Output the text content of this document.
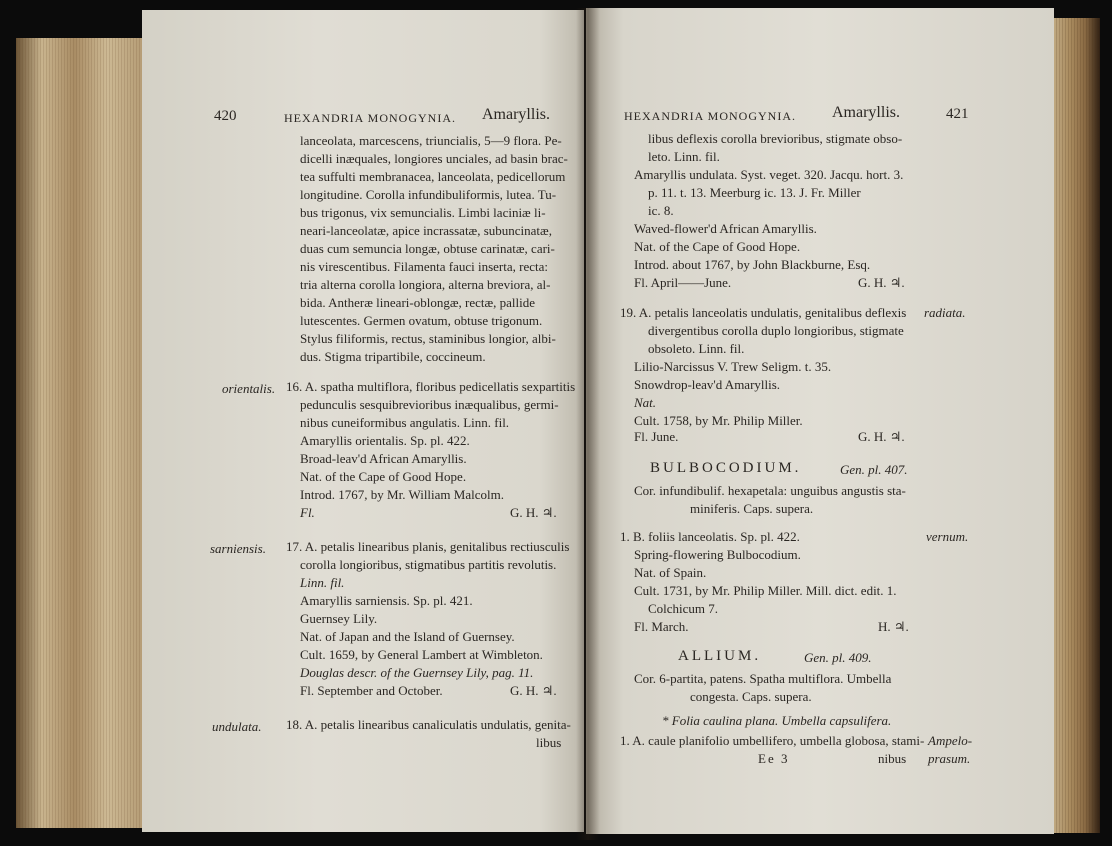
420	HEXANDRIA MONOGYNIA. Amaryllis.
lanceolata, marcescens, triuncialis, 5—9 flora. Pe-
dicelli inæquales, longiores unciales, ad basin brac-
tea suffulti membranacea, lanceolata, pedicellorum
longitudine. Corolla infundibuliformis, lutea. Tu-
bus trigonus, vix semuncialis. Limbi laciniæ li-
neari-lanceolatæ, apice incrassatæ, subuncinatæ,
duas cum semuncia longæ, obtuse carinatæ, cari-
nis virescentibus. Filamenta fauci inserta, recta:
tria alterna corolla longiora, alterna breviora, al-
bida. Antheræ lineari-oblongæ, rectæ, pallide
lutescentes. Germen ovatum, obtuse trigonum.
Stylus filiformis, rectus, staminibus longior, albi-
dus. Stigma tripartibile, coccineum.
orientalis. 16. A. spatha multiflora, floribus pedicellatis sexpartitis
pedunculis sesquibrevioribus inæqualibus, germi-
nibus cuneiformibus angulatis. Linn. fil.
Amaryllis orientalis. Sp. pl. 422.
Broad-leav'd African Amaryllis.
Nat. of the Cape of Good Hope.
Introd. 1767, by Mr. William Malcolm.
Fl.	G. H. ♃.
sarniensis. 17. A. petalis linearibus planis, genitalibus rectiusculis
corolla longioribus, stigmatibus partitis revolutis.
Linn. fil.
Amaryllis sarniensis. Sp. pl. 421.
Guernsey Lily.
Nat. of Japan and the Island of Guernsey.
Cult. 1659, by General Lambert at Wimbleton.
Douglas descr. of the Guernsey Lily, pag. 11.
Fl. September and October.	G. H. ♃.
undulata. 18. A. petalis linearibus canaliculatis undulatis, genita-
libus
HEXANDRIA MONOGYNIA. Amaryllis.	421
libus deflexis corolla brevioribus, stigmate obso-
leto. Linn. fil.
Amaryllis undulata. Syst. veget. 320. Jacqu. hort. 3.
p. 11. t. 13. Meerburg ic. 13. J. Fr. Miller
ic. 8.
Waved-flower'd African Amaryllis.
Nat. of the Cape of Good Hope.
Introd. about 1767, by John Blackburne, Esq.
Fl. April——June.	G. H. ♃.
19. A. petalis lanceolatis undulatis, genitalibus deflexis radiata.
divergentibus corolla duplo longioribus, stigmate
obsoleto. Linn. fil.
Lilio-Narcissus V. Trew Seligm. t. 35.
Snowdrop-leav'd Amaryllis.
Nat.
Cult. 1758, by Mr. Philip Miller.
Fl. June.	G. H. ♃.
BULBOCODIUM.	Gen. pl. 407.
Cor. infundibulif. hexapetala: unguibus angustis sta-
miniferis. Caps. supera.
1. B. foliis lanceolatis. Sp. pl. 422.	vernum.
Spring-flowering Bulbocodium.
Nat. of Spain.
Cult. 1731, by Mr. Philip Miller. Mill. dict. edit. 1.
Colchicum 7.
Fl. March.	H. ♃.
ALLIUM.	Gen. pl. 409.
Cor. 6-partita, patens. Spatha multiflora. Umbella
congesta. Caps. supera.
* Folia caulina plana. Umbella capsulifera.
1. A. caule planifolio umbellifero, umbella globosa, stami- Ampelo-
Ee 3	nibus prasum.
